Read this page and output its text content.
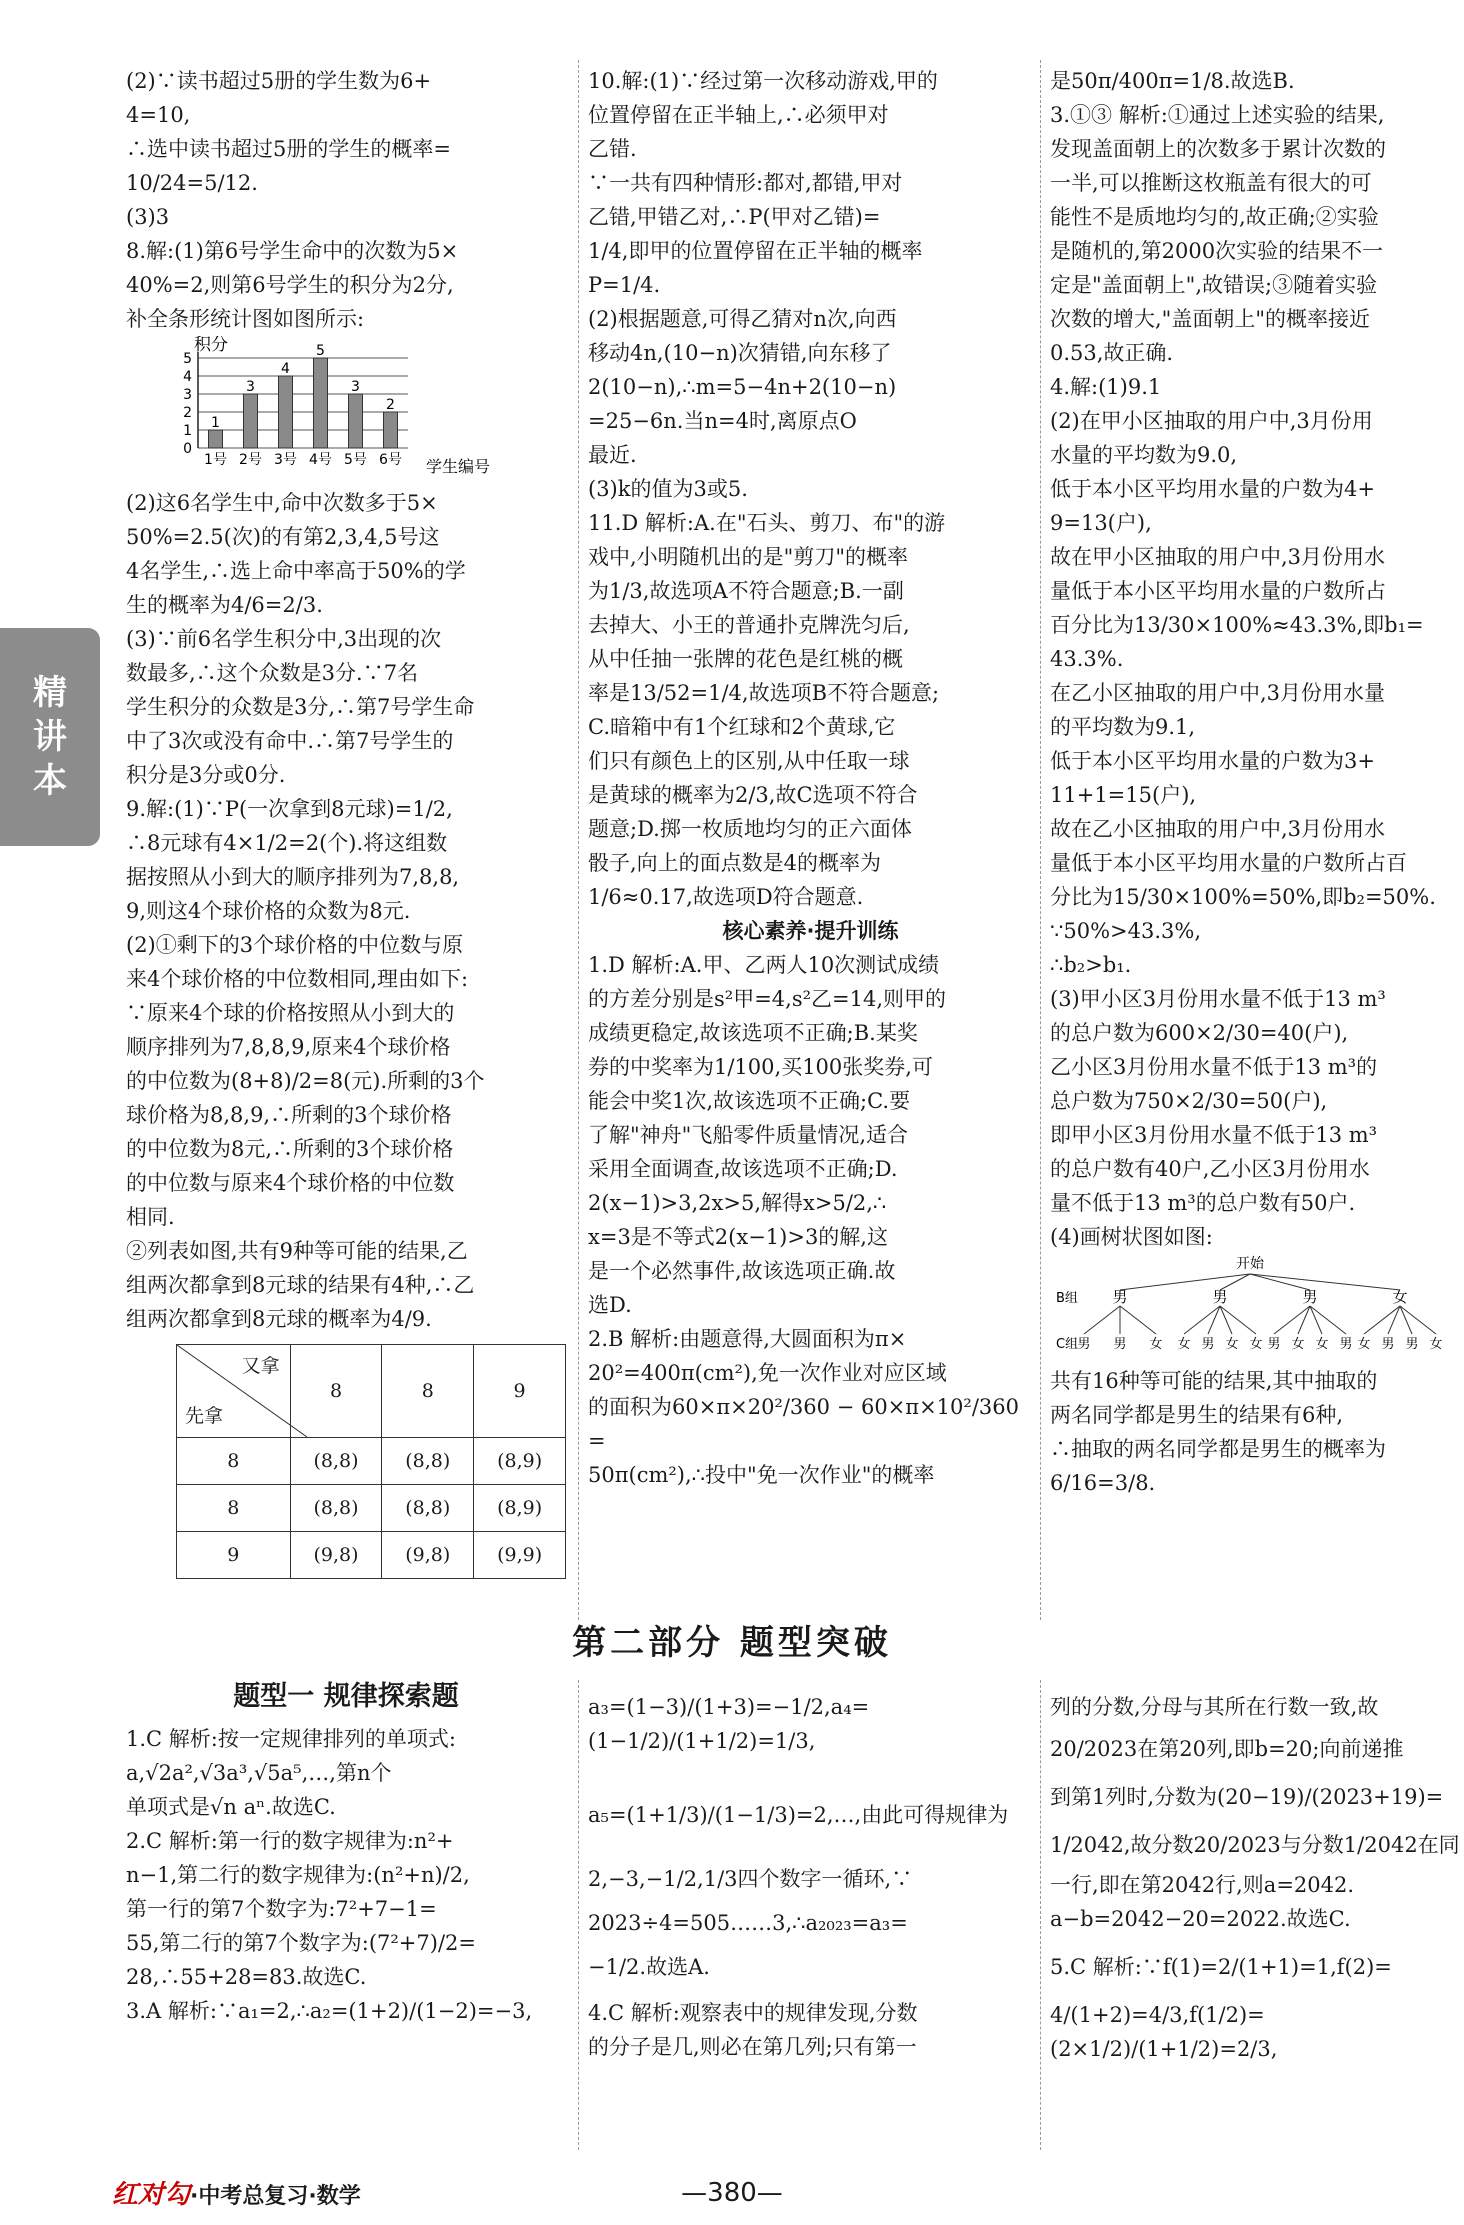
精
讲
本

(2)∵读书超过5册的学生数为6+

4=10,

∴选中读书超过5册的学生的概率=

10/24=5/12.

(3)3

8.解:(1)第6号学生命中的次数为5×

40%=2,则第6号学生的积分为2分,

补全条形统计图如图所示:

积分
学生编号
0
1
2
3
4
5
1
1号
3
2号
4
3号
5
4号
3
5号
2
6号

(2)这6名学生中,命中次数多于5×

50%=2.5(次)的有第2,3,4,5号这

4名学生,∴选上命中率高于50%的学

生的概率为4/6=2/3.

(3)∵前6名学生积分中,3出现的次

数最多,∴这个众数是3分.∵7名

学生积分的众数是3分,∴第7号学生命

中了3次或没有命中.∴第7号学生的

积分是3分或0分.

9.解:(1)∵P(一次拿到8元球)=1/2,

∴8元球有4×1/2=2(个).将这组数

据按照从小到大的顺序排列为7,8,8,

9,则这4个球价格的众数为8元.

(2)①剩下的3个球价格的中位数与原

来4个球价格的中位数相同,理由如下:

∵原来4个球的价格按照从小到大的

顺序排列为7,8,8,9,原来4个球价格

的中位数为(8+8)/2=8(元).所剩的3个

球价格为8,8,9,∴所剩的3个球价格

的中位数为8元,∴所剩的3个球价格

的中位数与原来4个球价格的中位数

相同.

②列表如图,共有9种等可能的结果,乙

组两次都拿到8元球的结果有4种,∴乙

组两次都拿到8元球的概率为4/9.

又拿
先拿	8	8	9
8	(8,8)	(8,8)	(8,9)
8	(8,8)	(8,8)	(8,9)
9	(9,8)	(9,8)	(9,9)

10.解:(1)∵经过第一次移动游戏,甲的

位置停留在正半轴上,∴必须甲对

乙错.

∵一共有四种情形:都对,都错,甲对

乙错,甲错乙对,∴P(甲对乙错)=

1/4,即甲的位置停留在正半轴的概率

P=1/4.

(2)根据题意,可得乙猜对n次,向西

移动4n,(10−n)次猜错,向东移了

2(10−n),∴m=5−4n+2(10−n)

=25−6n.当n=4时,离原点O

最近.

(3)k的值为3或5.

11.D 解析:A.在"石头、剪刀、布"的游

戏中,小明随机出的是"剪刀"的概率

为1/3,故选项A不符合题意;B.一副

去掉大、小王的普通扑克牌洗匀后,

从中任抽一张牌的花色是红桃的概

率是13/52=1/4,故选项B不符合题意;

C.暗箱中有1个红球和2个黄球,它

们只有颜色上的区别,从中任取一球

是黄球的概率为2/3,故C选项不符合

题意;D.掷一枚质地均匀的正六面体

骰子,向上的面点数是4的概率为

1/6≈0.17,故选项D符合题意.

核心素养·提升训练

1.D 解析:A.甲、乙两人10次测试成绩

的方差分别是s²甲=4,s²乙=14,则甲的

成绩更稳定,故该选项不正确;B.某奖

券的中奖率为1/100,买100张奖券,可

能会中奖1次,故该选项不正确;C.要

了解"神舟"飞船零件质量情况,适合

采用全面调查,故该选项不正确;D.

2(x−1)>3,2x>5,解得x>5/2,∴

x=3是不等式2(x−1)>3的解,这

是一个必然事件,故该选项正确.故

选D.

2.B 解析:由题意得,大圆面积为π×

20²=400π(cm²),免一次作业对应区域

的面积为60×π×20²/360 − 60×π×10²/360 =

50π(cm²),∴投中"免一次作业"的概率

是50π/400π=1/8.故选B.

3.①③ 解析:①通过上述实验的结果,

发现盖面朝上的次数多于累计次数的

一半,可以推断这枚瓶盖有很大的可

能性不是质地均匀的,故正确;②实验

是随机的,第2000次实验的结果不一

定是"盖面朝上",故错误;③随着实验

次数的增大,"盖面朝上"的概率接近

0.53,故正确.

4.解:(1)9.1

(2)在甲小区抽取的用户中,3月份用

水量的平均数为9.0,

低于本小区平均用水量的户数为4+

9=13(户),

故在甲小区抽取的用户中,3月份用水

量低于本小区平均用水量的户数所占

百分比为13/30×100%≈43.3%,即b₁=

43.3%.

在乙小区抽取的用户中,3月份用水量

的平均数为9.1,

低于本小区平均用水量的户数为3+

11+1=15(户),

故在乙小区抽取的用户中,3月份用水

量低于本小区平均用水量的户数所占百

分比为15/30×100%=50%,即b₂=50%.

∵50%>43.3%,

∴b₂>b₁.

(3)甲小区3月份用水量不低于13 m³

的总户数为600×2/30=40(户),

乙小区3月份用水量不低于13 m³的

总户数为750×2/30=50(户),

即甲小区3月份用水量不低于13 m³

的总户数有40户,乙小区3月份用水

量不低于13 m³的总户数有50户.

(4)画树状图如图:

开始
B组
C组
男
男 男 女
男
女 男 女 女
男
男 女 女 男
女
女 男 男 女

共有16种等可能的结果,其中抽取的

两名同学都是男生的结果有6种,

∴抽取的两名同学都是男生的概率为

6/16=3/8.

第二部分 题型突破
题型一 规律探索题

1.C 解析:按一定规律排列的单项式:

a,√2a²,√3a³,√5a⁵,…,第n个

单项式是√n aⁿ.故选C.

2.C 解析:第一行的数字规律为:n²+

n−1,第二行的数字规律为:(n²+n)/2,

第一行的第7个数字为:7²+7−1=

55,第二行的第7个数字为:(7²+7)/2=

28,∴55+28=83.故选C.

3.A 解析:∵a₁=2,∴a₂=(1+2)/(1−2)=−3,

a₃=(1−3)/(1+3)=−1/2,a₄=(1−1/2)/(1+1/2)=1/3,

a₅=(1+1/3)/(1−1/3)=2,…,由此可得规律为

2,−3,−1/2,1/3四个数字一循环,∵

2023÷4=505……3,∴a₂₀₂₃=a₃=

−1/2.故选A.

4.C 解析:观察表中的规律发现,分数

的分子是几,则必在第几列;只有第一

列的分数,分母与其所在行数一致,故

20/2023在第20列,即b=20;向前递推

到第1列时,分数为(20−19)/(2023+19)=

1/2042,故分数20/2023与分数1/2042在同

一行,即在第2042行,则a=2042.

a−b=2042−20=2022.故选C.

5.C 解析:∵f(1)=2/(1+1)=1,f(2)=

4/(1+2)=4/3,f(1/2)=(2×1/2)/(1+1/2)=2/3,

红对勾·中考总复习·数学	—380—
